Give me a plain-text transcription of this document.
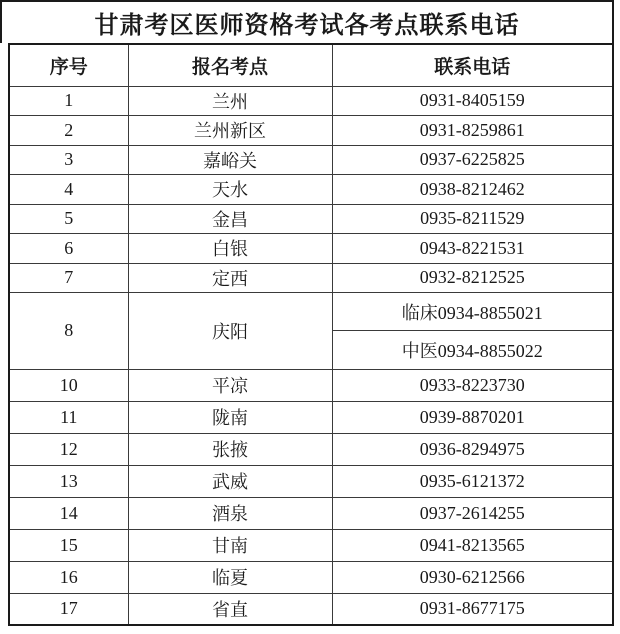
甘肃考区医师资格考试各考点联系电话
序号	报名考点	联系电话
1	兰州	0931-8405159
2	兰州新区	0931-8259861
3	嘉峪关	0937-6225825
4	天水	0938-8212462
5	金昌	0935-8211529
6	白银	0943-8221531
7	定西	0932-8212525
8	庆阳	临床0934-8855021
		中医0934-8855022
10	平凉	0933-8223730
11	陇南	0939-8870201
12	张掖	0936-8294975
13	武威	0935-6121372
14	酒泉	0937-2614255
15	甘南	0941-8213565
16	临夏	0930-6212566
17	省直	0931-8677175
